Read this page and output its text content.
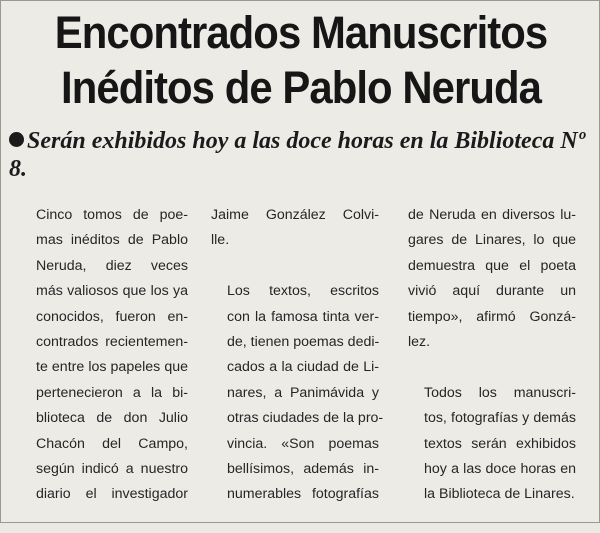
Encontrados Manuscritos
Inéditos de Pablo Neruda

Serán exhibidos hoy a las doce horas en la Biblioteca Nº 8.

Cinco tomos de poe-
mas inéditos de Pablo
Neruda, diez veces
más valiosos que los ya
conocidos, fueron en-
contrados recientemen-
te entre los papeles que
pertenecieron a la bi-
blioteca de don Julio
Chacón del Campo,
según indicó a nuestro
diario el investigador

Jaime González Colvi-
lle.

Los textos, escritos
con la famosa tinta ver-
de, tienen poemas dedi-
cados a la ciudad de Li-
nares, a Panimávida y
otras ciudades de la pro-
vincia. «Son poemas
bellísimos, además in-
numerables fotografías

de Neruda en diversos lu-
gares de Linares, lo que
demuestra que el poeta
vivió aquí durante un
tiempo», afirmó Gonzá-
lez.

Todos los manuscri-
tos, fotografías y demás
textos serán exhibidos
hoy a las doce horas en
la Biblioteca de Linares.
